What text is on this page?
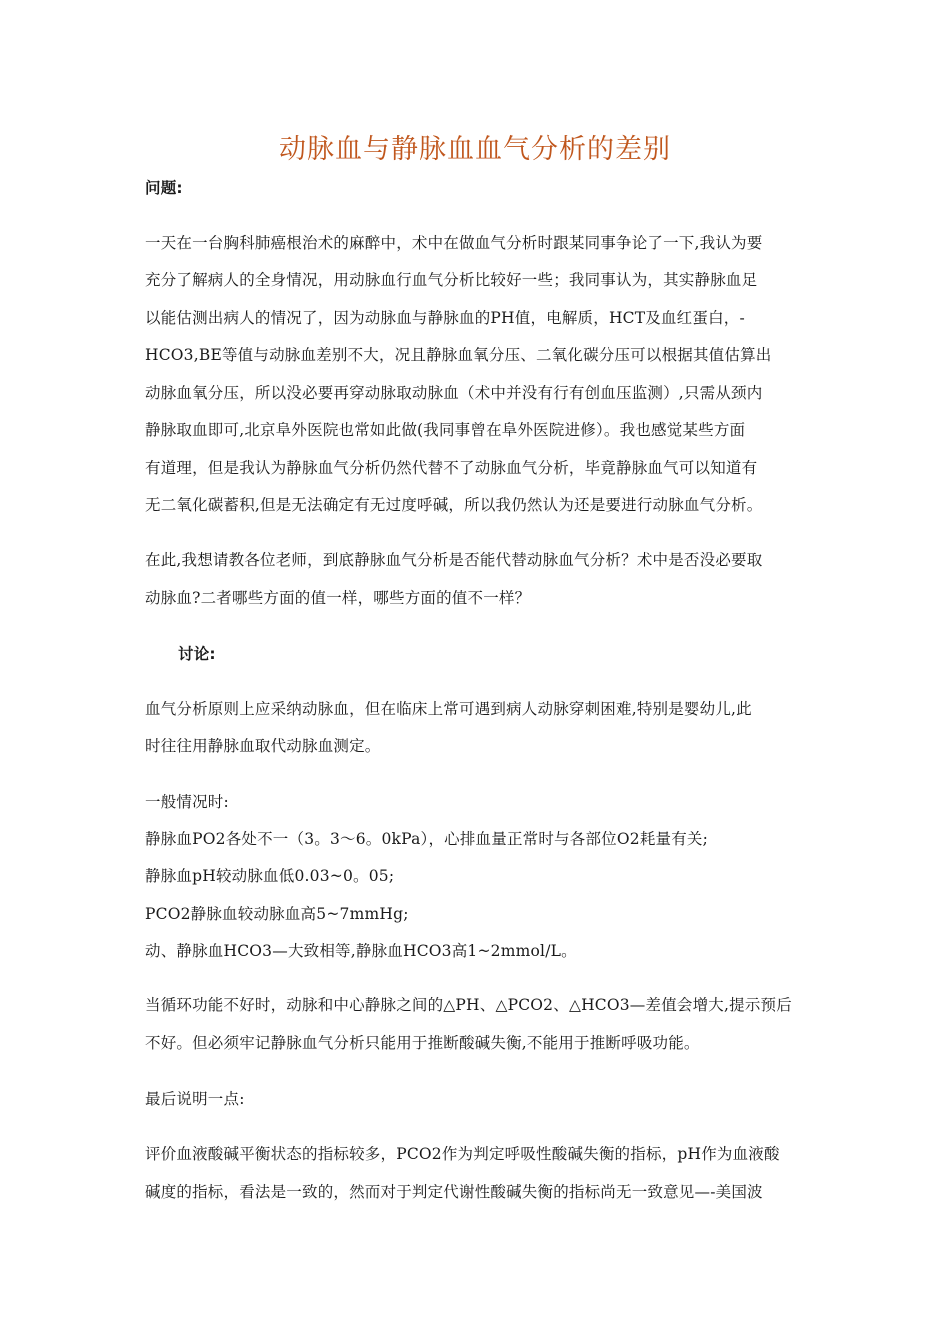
动脉血与静脉血血气分析的差别
问题:
一天在一台胸科肺癌根治术的麻醉中，术中在做血气分析时跟某同事争论了一下,我认为要
充分了解病人的全身情况，用动脉血行血气分析比较好一些；我同事认为，其实静脉血足
以能估测出病人的情况了，因为动脉血与静脉血的PH值，电解质，HCT及血红蛋白，-
HCO3,BE等值与动脉血差别不大，况且静脉血氧分压、二氧化碳分压可以根据其值估算出
动脉血氧分压，所以没必要再穿动脉取动脉血（术中并没有行有创血压监测）,只需从颈内
静脉取血即可,北京阜外医院也常如此做(我同事曾在阜外医院进修）。我也感觉某些方面
有道理，但是我认为静脉血气分析仍然代替不了动脉血气分析，毕竟静脉血气可以知道有
无二氧化碳蓄积,但是无法确定有无过度呼碱，所以我仍然认为还是要进行动脉血气分析。
在此,我想请教各位老师，到底静脉血气分析是否能代替动脉血气分析？术中是否没必要取
动脉血?二者哪些方面的值一样，哪些方面的值不一样？
讨论:
血气分析原则上应采纳动脉血，但在临床上常可遇到病人动脉穿刺困难,特别是婴幼儿,此
时往往用静脉血取代动脉血测定。
一般情况时:
静脉血PO2各处不一（3。3～6。0kPa），心排血量正常时与各部位O2耗量有关;
静脉血pH较动脉血低0.03~0。05;
PCO2静脉血较动脉血高5~7mmHg;
动、静脉血HCO3—大致相等,静脉血HCO3高1~2mmol/L。
当循环功能不好时，动脉和中心静脉之间的△PH、△PCO2、△HCO3—差值会增大,提示预后
不好。但必须牢记静脉血气分析只能用于推断酸碱失衡,不能用于推断呼吸功能。
最后说明一点:
评价血液酸碱平衡状态的指标较多，PCO2作为判定呼吸性酸碱失衡的指标，pH作为血液酸
碱度的指标，看法是一致的，然而对于判定代谢性酸碱失衡的指标尚无一致意见—-美国波
